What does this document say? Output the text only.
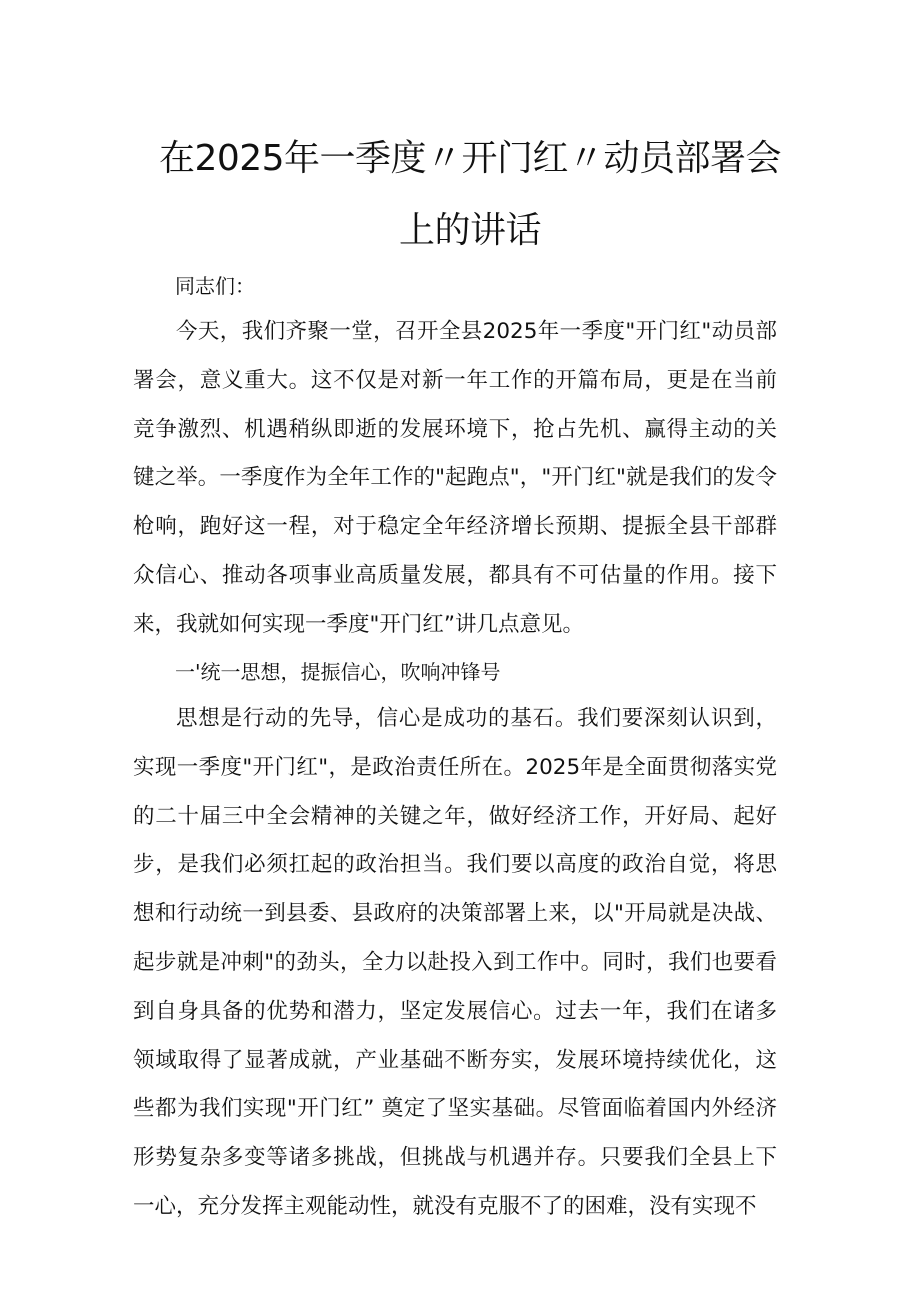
在2025年一季度〃开门红〃动员部署会
上的讲话

同志们：

今天，我们齐聚一堂，召开全县2025年一季度"开门红"动员部署会，意义重大。这不仅是对新一年工作的开篇布局，更是在当前竞争激烈、机遇稍纵即逝的发展环境下，抢占先机、赢得主动的关键之举。一季度作为全年工作的"起跑点"，"开门红"就是我们的发令枪响，跑好这一程，对于稳定全年经济增长预期、提振全县干部群众信心、推动各项事业高质量发展，都具有不可估量的作用。接下来，我就如何实现一季度"开门红”讲几点意见。

一'统一思想，提振信心，吹响冲锋号

思想是行动的先导，信心是成功的基石。我们要深刻认识到，实现一季度"开门红"，是政治责任所在。2025年是全面贯彻落实党的二十届三中全会精神的关键之年，做好经济工作，开好局、起好步，是我们必须扛起的政治担当。我们要以高度的政治自觉，将思想和行动统一到县委、县政府的决策部署上来，以"开局就是决战、起步就是冲刺"的劲头，全力以赴投入到工作中。同时，我们也要看到自身具备的优势和潜力，坚定发展信心。过去一年，我们在诸多领域取得了显著成就，产业基础不断夯实，发展环境持续优化，这些都为我们实现"开门红” 奠定了坚实基础。尽管面临着国内外经济形势复杂多变等诸多挑战，但挑战与机遇并存。只要我们全县上下一心，充分发挥主观能动性，就没有克服不了的困难，没有实现不
